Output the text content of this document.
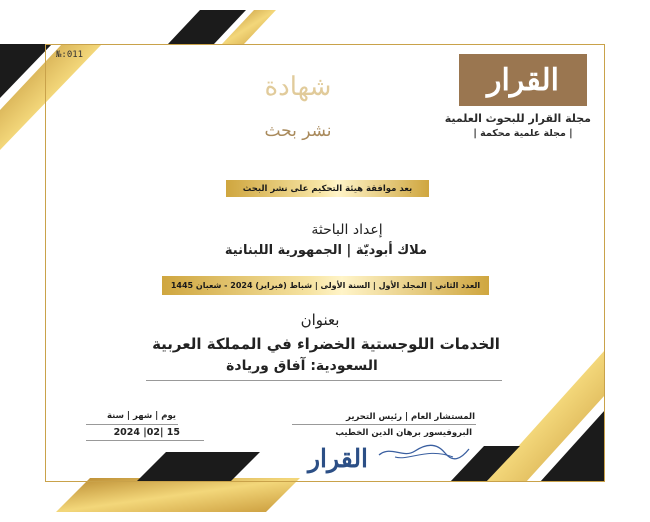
№:011
القرار
مجلة القرار للبحوث العلمية
| مجلة علمية محكمة |
شهادة
نشر بحث
بعد موافقة هيئة التحكيم على نشر البحث
إعداد الباحثة
ملاك أبوديّة | الجمهورية اللبنانية
العدد الثاني | المجلد الأول | السنة الأولى | شباط (فبراير) 2024 - شعبان 1445
بعنوان
الخدمات اللوجستية الخضراء في المملكة العربية
السعودية: آفاق وريادة
يوم | شهر | سنة
2024 |02| 15
المستشار العام | رئيس التحرير
البروفيسور برهان الدين الخطيب
القرار
